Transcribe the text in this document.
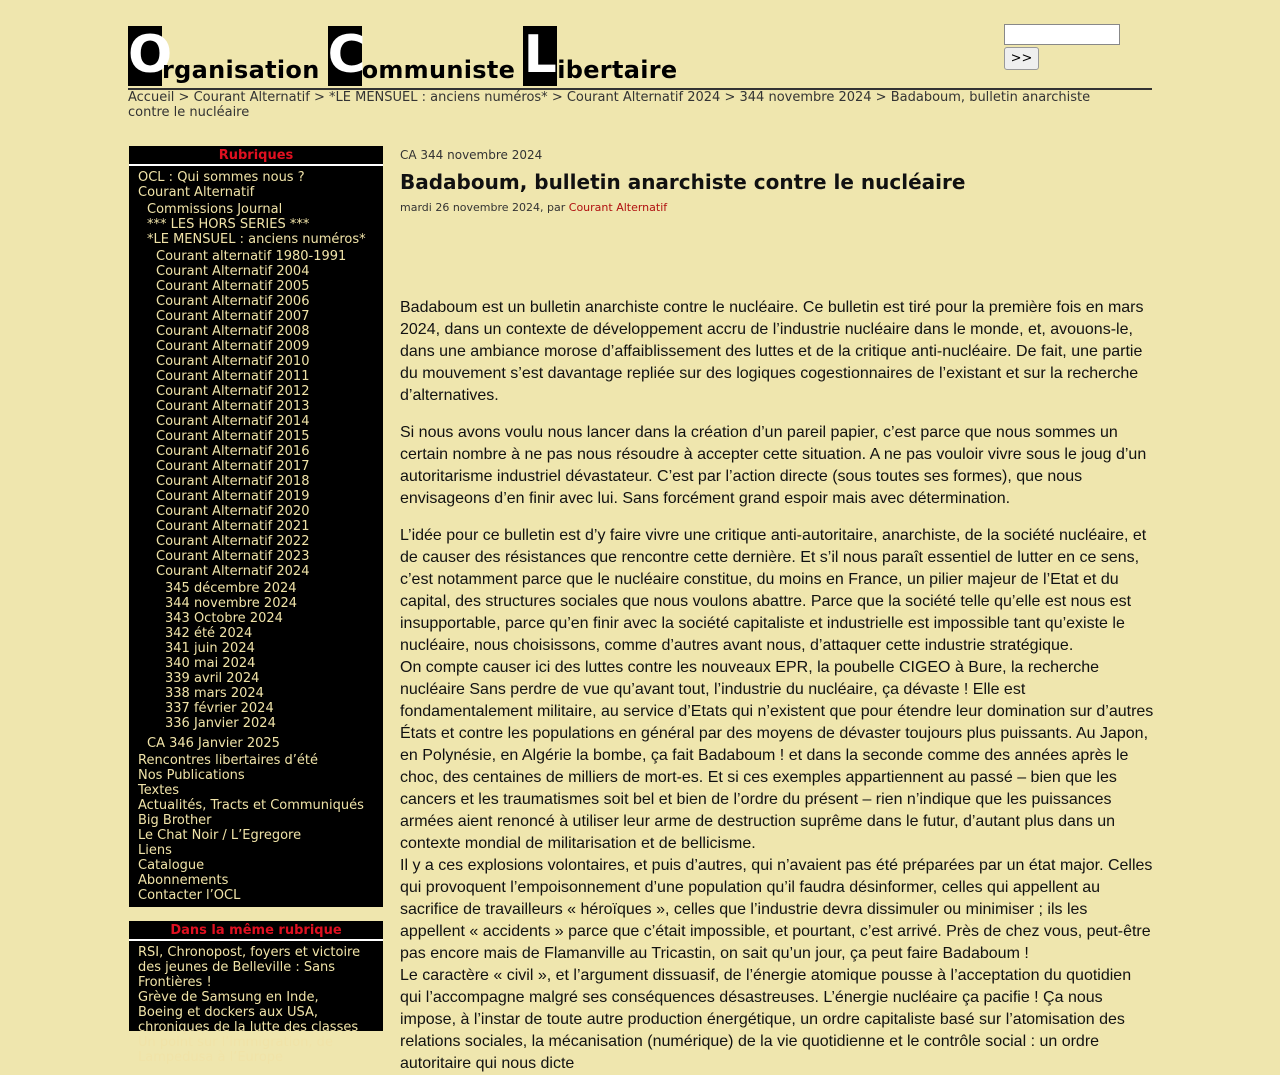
O
rganisation C
ommuniste L ibertaire	>>
Accueil > Courant Alternatif > *LE MENSUEL : anciens numéros* > Courant Alternatif 2024 > 344 novembre 2024 > Badaboum, bulletin anarchiste contre le nucléaire
Rubriques
OCL : Qui sommes nous ?
Courant Alternatif
Commissions Journal
*** LES HORS SERIES ***
*LE MENSUEL : anciens numéros*
Courant alternatif 1980-1991
Courant Alternatif 2004
Courant Alternatif 2005
Courant Alternatif 2006
Courant Alternatif 2007
Courant Alternatif 2008
Courant Alternatif 2009
Courant Alternatif 2010
Courant Alternatif 2011
Courant Alternatif 2012
Courant Alternatif 2013
Courant Alternatif 2014
Courant Alternatif 2015
Courant Alternatif 2016
Courant Alternatif 2017
Courant Alternatif 2018
Courant Alternatif 2019
Courant Alternatif 2020
Courant Alternatif 2021
Courant Alternatif 2022
Courant Alternatif 2023
Courant Alternatif 2024
345 décembre 2024
344 novembre 2024
343 Octobre 2024
342 été 2024
341 juin 2024
340 mai 2024
339 avril 2024
338 mars 2024
337 février 2024
336 Janvier 2024
CA 346 Janvier 2025
Rencontres libertaires d’été
Nos Publications
Textes
Actualités, Tracts et Communiqués
Big Brother
Le Chat Noir / L’Egregore
Liens
Catalogue
Abonnements
Contacter l’OCL
Dans la même rubrique
RSI, Chronopost, foyers et victoire des jeunes de Belleville : Sans Frontières !
Grève de Samsung en Inde,
Boeing et dockers aux USA,
chroniques de la lutte des classes
Un point sur l’immigration, de Lampedusa à l’Europe
CA 344 novembre 2024
Badaboum, bulletin anarchiste contre le nucléaire
mardi 26 novembre 2024, par Courant Alternatif

Badaboum est un bulletin anarchiste contre le nucléaire. Ce bulletin est tiré pour la première fois en mars 2024, dans un contexte de développement accru de l’industrie nucléaire dans le monde, et, avouons-le, dans une ambiance morose d’affaiblissement des luttes et de la critique anti-nucléaire. De fait, une partie du mouvement s’est davantage repliée sur des logiques cogestionnaires de l’existant et sur la recherche d’alternatives.

Si nous avons voulu nous lancer dans la création d’un pareil papier, c’est parce que nous sommes un certain nombre à ne pas nous résoudre à accepter cette situation. A ne pas vouloir vivre sous le joug d’un autoritarisme industriel dévastateur. C’est par l’action directe (sous toutes ses formes), que nous envisageons d’en finir avec lui. Sans forcément grand espoir mais avec détermination.

L’idée pour ce bulletin est d’y faire vivre une critique anti-autoritaire, anarchiste, de la société nucléaire, et de causer des résistances que rencontre cette dernière. Et s’il nous paraît essentiel de lutter en ce sens, c’est notamment parce que le nucléaire constitue, du moins en France, un pilier majeur de l’Etat et du capital, des structures sociales que nous voulons abattre. Parce que la société telle qu’elle est nous est insupportable, parce qu’en finir avec la société capitaliste et industrielle est impossible tant qu’existe le nucléaire, nous choisissons, comme d’autres avant nous, d’attaquer cette industrie stratégique.

On compte causer ici des luttes contre les nouveaux EPR, la poubelle CIGEO à Bure, la recherche nucléaire Sans perdre de vue qu’avant tout, l’industrie du nucléaire, ça dévaste ! Elle est fondamentalement militaire, au service d’Etats qui n’existent que pour étendre leur domination sur d’autres États et contre les populations en général par des moyens de dévaster toujours plus puissants. Au Japon, en Polynésie, en Algérie la bombe, ça fait Badaboum ! et dans la seconde comme des années après le choc, des centaines de milliers de mort-es. Et si ces exemples appartiennent au passé – bien que les cancers et les traumatismes soit bel et bien de l’ordre du présent – rien n’indique que les puissances armées aient renoncé à utiliser leur arme de destruction suprême dans le futur, d’autant plus dans un contexte mondial de militarisation et de bellicisme.

Il y a ces explosions volontaires, et puis d’autres, qui n’avaient pas été préparées par un état major. Celles qui provoquent l’empoisonnement d’une population qu’il faudra désinformer, celles qui appellent au sacrifice de travailleurs « héroïques », celles que l’industrie devra dissimuler ou minimiser ; ils les appellent « accidents » parce que c’était impossible, et pourtant, c’est arrivé. Près de chez vous, peut-être pas encore mais de Flamanville au Tricastin, on sait qu’un jour, ça peut faire Badaboum !

Le caractère « civil », et l’argument dissuasif, de l’énergie atomique pousse à l’acceptation du quotidien qui l’accompagne malgré ses conséquences désastreuses. L’énergie nucléaire ça pacifie ! Ça nous impose, à l’instar de toute autre production énergétique, un ordre capitaliste basé sur l’atomisation des relations sociales, la mécanisation (numérique) de la vie quotidienne et le contrôle social : un ordre autoritaire qui nous dicte
